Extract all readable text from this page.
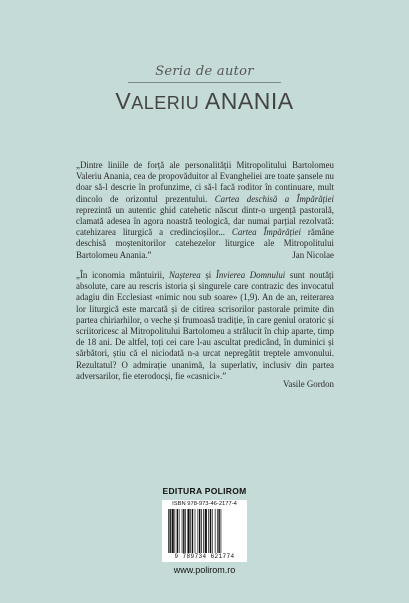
Seria de autor
VALERIU ANANIA
„Dintre liniile de forță ale personalității Mitropolitului Bartolomeu Valeriu Anania, cea de propovăduitor al Evangheliei are toate șansele nu doar să-l descrie în profunzime, ci să-l facă roditor în continuare, mult dincolo de orizontul prezentului. Cartea deschisă a Împărăției reprezintă un autentic ghid catehetic născut dintr-o urgență pastorală, clamată adesea în agora noastră teologică, dar numai parțial rezolvată: catehizarea liturgică a credincioșilor... Cartea Împărăției rămâne deschisă moștenitorilor catehezelor liturgice ale Mitropolitului Bartolomeu Anania.”	Jan Nicolae
„În iconomia mântuirii, Nașterea și Învierea Domnului sunt noutăți absolute, care au rescris istoria și singurele care contrazic des invocatul adagiu din Ecclesiast «nimic nou sub soare» (1,9). An de an, reiterarea lor liturgică este marcată și de citirea scrisorilor pastorale primite din partea chiriarhilor, o veche și frumoasă tradiție, în care geniul oratoric și scriitoricesc al Mitropolitului Bartolomeu a strălucit în chip aparte, timp de 18 ani. De altfel, toți cei care l-au ascultat predicând, în duminici și sărbători, știu că el niciodată n-a urcat nepregătit treptele amvonului. Rezultatul? O admirație unanimă, la superlativ, inclusiv din partea adversarilor, fie eterodocși, fie «casnici».”
Vasile Gordon
EDITURA POLIROM
ISBN 978-973-46-2177-4
9 789734 621774
www.polirom.ro
